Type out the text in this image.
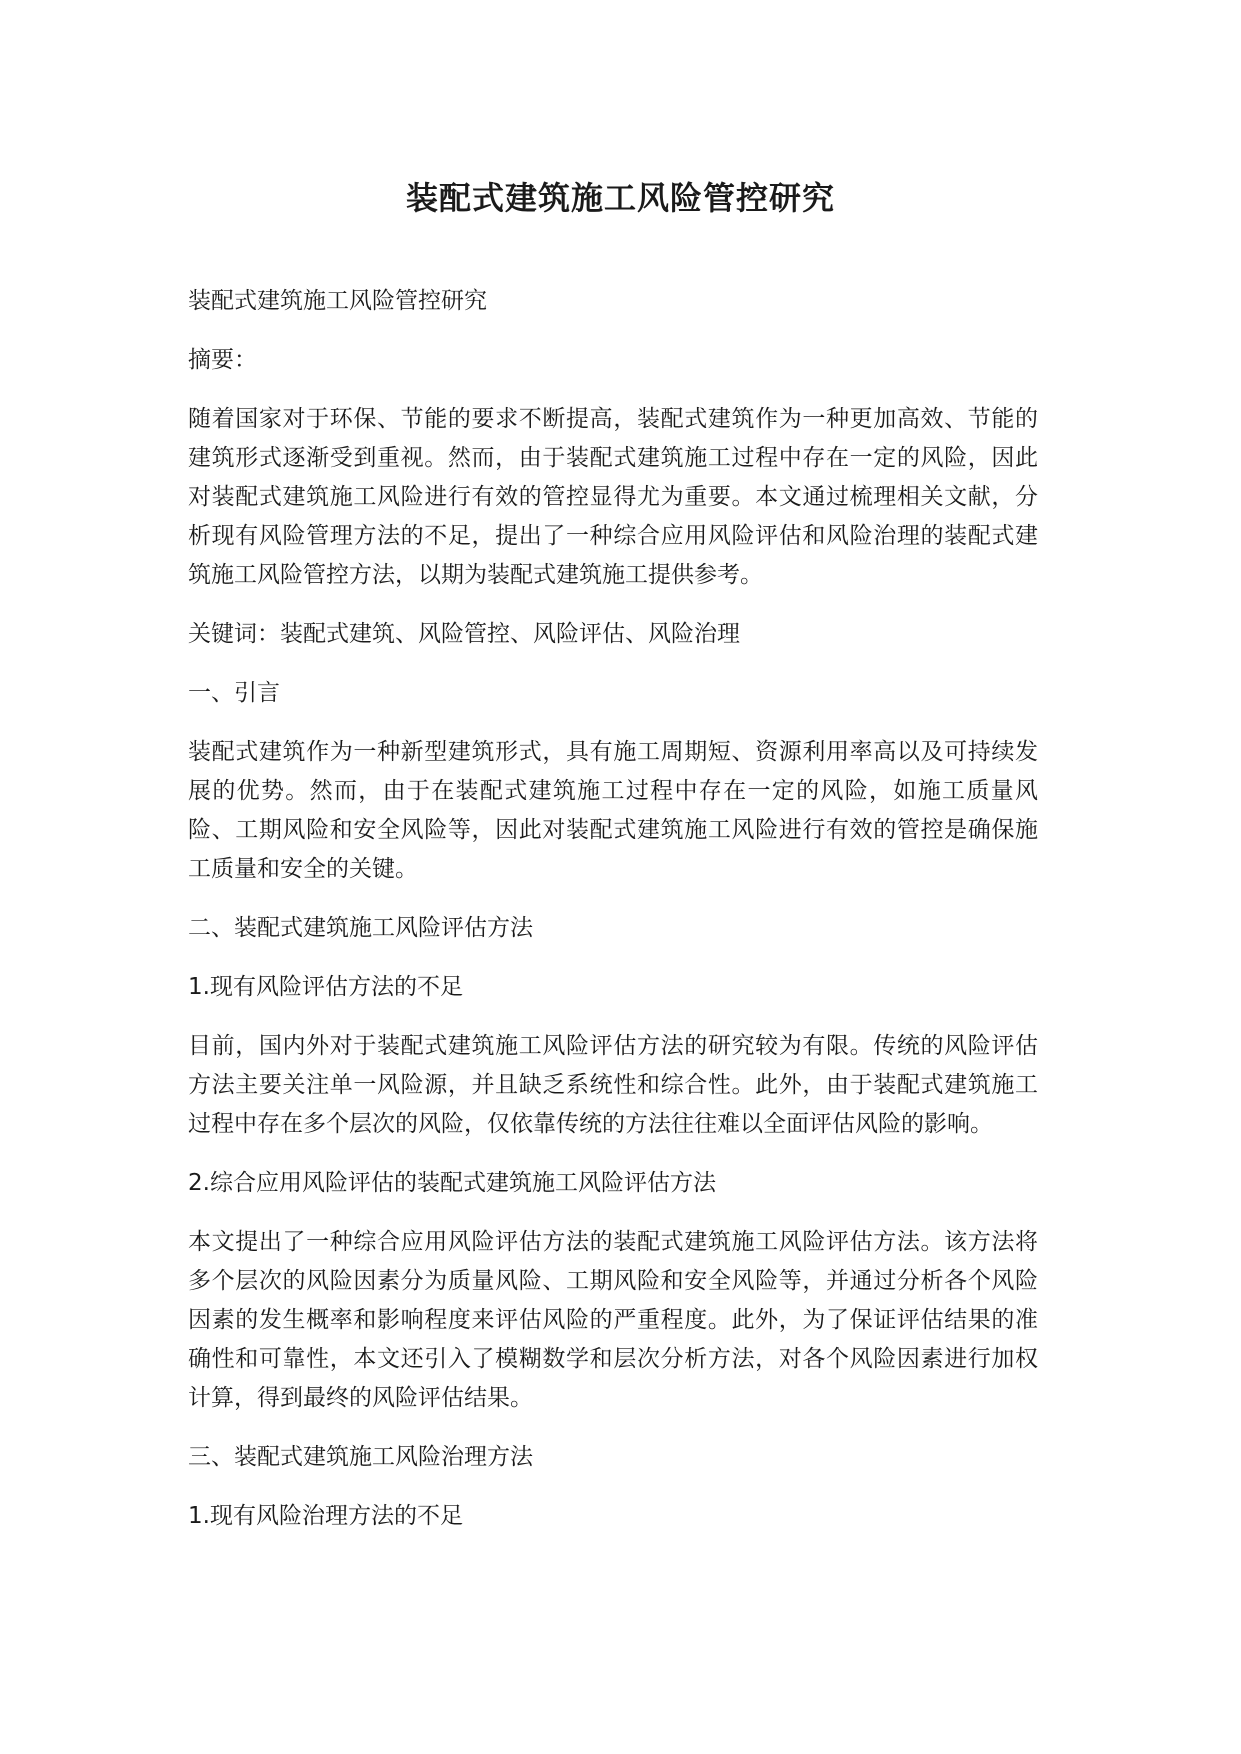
装配式建筑施工风险管控研究

装配式建筑施工风险管控研究

摘要：

随着国家对于环保、节能的要求不断提高，装配式建筑作为一种更加高效、节能的建筑形式逐渐受到重视。然而，由于装配式建筑施工过程中存在一定的风险，因此对装配式建筑施工风险进行有效的管控显得尤为重要。本文通过梳理相关文献，分析现有风险管理方法的不足，提出了一种综合应用风险评估和风险治理的装配式建筑施工风险管控方法，以期为装配式建筑施工提供参考。

关键词：装配式建筑、风险管控、风险评估、风险治理

一、引言

装配式建筑作为一种新型建筑形式，具有施工周期短、资源利用率高以及可持续发展的优势。然而，由于在装配式建筑施工过程中存在一定的风险，如施工质量风险、工期风险和安全风险等，因此对装配式建筑施工风险进行有效的管控是确保施工质量和安全的关键。

二、装配式建筑施工风险评估方法

1.现有风险评估方法的不足

目前，国内外对于装配式建筑施工风险评估方法的研究较为有限。传统的风险评估方法主要关注单一风险源，并且缺乏系统性和综合性。此外，由于装配式建筑施工过程中存在多个层次的风险，仅依靠传统的方法往往难以全面评估风险的影响。

2.综合应用风险评估的装配式建筑施工风险评估方法

本文提出了一种综合应用风险评估方法的装配式建筑施工风险评估方法。该方法将多个层次的风险因素分为质量风险、工期风险和安全风险等，并通过分析各个风险因素的发生概率和影响程度来评估风险的严重程度。此外，为了保证评估结果的准确性和可靠性，本文还引入了模糊数学和层次分析方法，对各个风险因素进行加权计算，得到最终的风险评估结果。

三、装配式建筑施工风险治理方法

1.现有风险治理方法的不足
